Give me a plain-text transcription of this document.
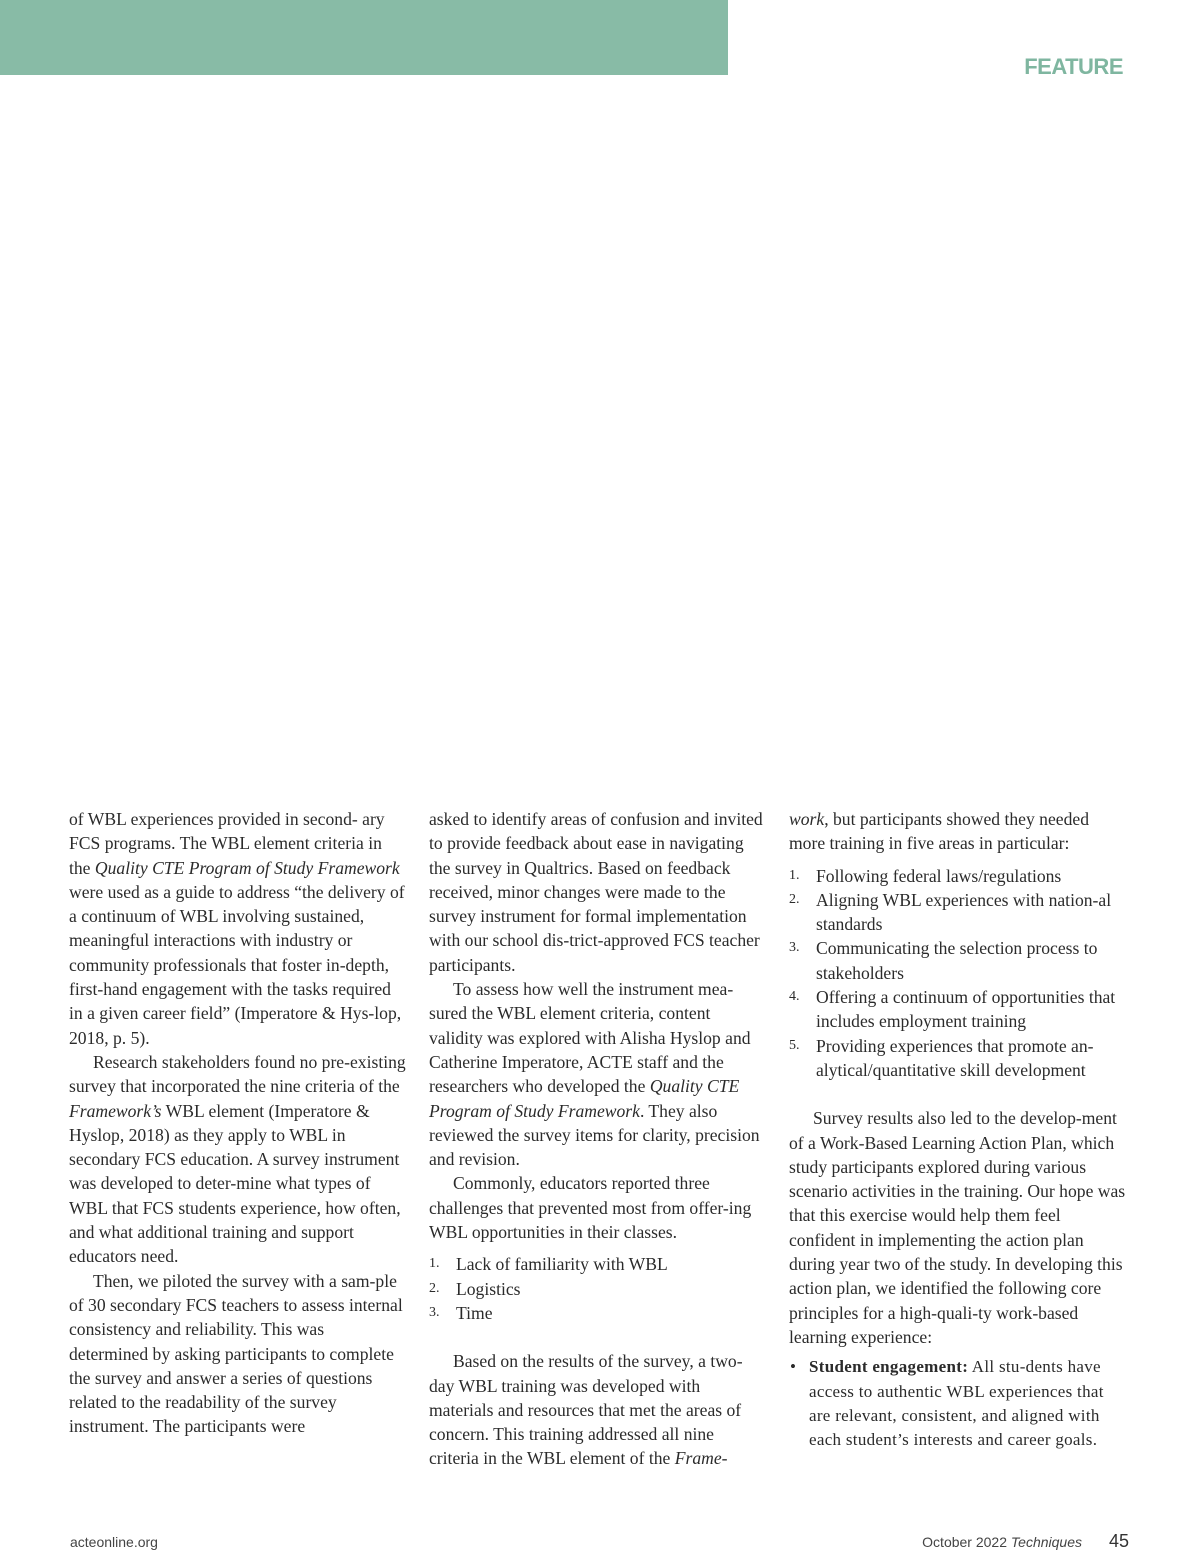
FEATURE

of WBL experiences provided in second- ary FCS programs. The WBL element criteria in the Quality CTE Program of Study Framework were used as a guide to address “the delivery of a continuum of WBL involving sustained, meaningful interactions with industry or community professionals that foster in-depth, first-hand engagement with the tasks required in a given career field” (Imperatore & Hys-lop, 2018, p. 5).

Research stakeholders found no pre-existing survey that incorporated the nine criteria of the Framework’s WBL element (Imperatore & Hyslop, 2018) as they apply to WBL in secondary FCS education. A survey instrument was developed to deter-mine what types of WBL that FCS students experience, how often, and what additional training and support educators need.

Then, we piloted the survey with a sam-ple of 30 secondary FCS teachers to assess internal consistency and reliability. This was determined by asking participants to complete the survey and answer a series of questions related to the readability of the survey instrument. The participants were

asked to identify areas of confusion and invited to provide feedback about ease in navigating the survey in Qualtrics. Based on feedback received, minor changes were made to the survey instrument for formal implementation with our school dis-trict-approved FCS teacher participants.

To assess how well the instrument mea-sured the WBL element criteria, content validity was explored with Alisha Hyslop and Catherine Imperatore, ACTE staff and the researchers who developed the Quality CTE Program of Study Framework. They also reviewed the survey items for clarity, precision and revision.

Commonly, educators reported three challenges that prevented most from offer-ing WBL opportunities in their classes.

1. Lack of familiarity with WBL
2. Logistics
3. Time

Based on the results of the survey, a two-day WBL training was developed with materials and resources that met the areas of concern. This training addressed all nine criteria in the WBL element of the Frame-

work, but participants showed they needed more training in five areas in particular:

1. Following federal laws/regulations
2. Aligning WBL experiences with nation-al standards
3. Communicating the selection process to stakeholders
4. Offering a continuum of opportunities that includes employment training
5. Providing experiences that promote an-alytical/quantitative skill development

Survey results also led to the develop-ment of a Work-Based Learning Action Plan, which study participants explored during various scenario activities in the training. Our hope was that this exercise would help them feel confident in implementing the action plan during year two of the study. In developing this action plan, we identified the following core principles for a high-quali-ty work-based learning experience:

• Student engagement: All stu-dents have access to authentic WBL experiences that are relevant, consistent, and aligned with each student’s interests and career goals.
acteonline.org	October 2022 Techniques 45
